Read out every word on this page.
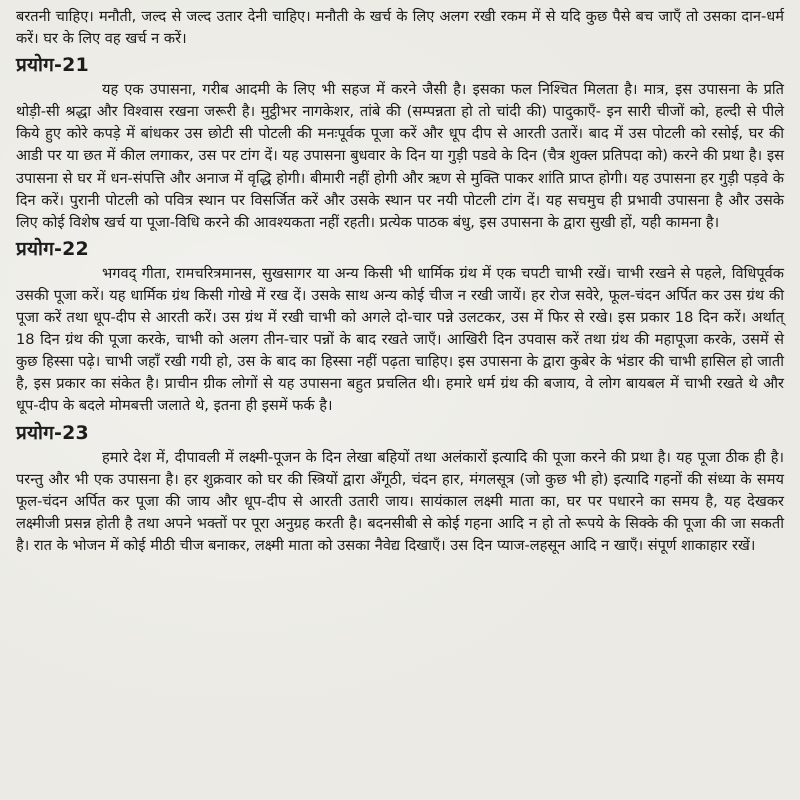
बरतनी चाहिए। मनौती, जल्द से जल्द उतार देनी चाहिए। मनौती के खर्च के लिए अलग रखी रकम में से यदि कुछ पैसे बच जाएँ तो उसका दान-धर्म करें। घर के लिए वह खर्च न करें।

प्रयोग-21

यह एक उपासना, गरीब आदमी के लिए भी सहज में करने जैसी है। इसका फल निश्चित मिलता है। मात्र, इस उपासना के प्रति थोड़ी-सी श्रद्धा और विश्वास रखना जरूरी है। मुट्ठीभर नागकेशर, तांबे की (सम्पन्नता हो तो चांदी की) पादुकाएँ- इन सारी चीजों को, हल्दी से पीले किये हुए कोरे कपड़े में बांधकर उस छोटी सी पोटली की मनःपूर्वक पूजा करें और धूप दीप से आरती उतारें। बाद में उस पोटली को रसोई, घर की आडी पर या छत में कील लगाकर, उस पर टांग दें। यह उपासना बुधवार के दिन या गुड़ी पडवे के दिन (चैत्र शुक्ल प्रतिपदा को) करने की प्रथा है। इस उपासना से घर में धन-संपत्ति और अनाज में वृद्धि होगी। बीमारी नहीं होगी और ऋण से मुक्ति पाकर शांति प्राप्त होगी। यह उपासना हर गुड़ी पड़वे के दिन करें। पुरानी पोटली को पवित्र स्थान पर विसर्जित करें और उसके स्थान पर नयी पोटली टांग दें। यह सचमुच ही प्रभावी उपासना है और उसके लिए कोई विशेष खर्च या पूजा-विधि करने की आवश्यकता नहीं रहती। प्रत्येक पाठक बंधु, इस उपासना के द्वारा सुखी हों, यही कामना है।

प्रयोग-22

भगवद् गीता, रामचरित्रमानस, सुखसागर या अन्य किसी भी धार्मिक ग्रंथ में एक चपटी चाभी रखें। चाभी रखने से पहले, विधिपूर्वक उसकी पूजा करें। यह धार्मिक ग्रंथ किसी गोखे में रख दें। उसके साथ अन्य कोई चीज न रखी जायें। हर रोज सवेरे, फूल-चंदन अर्पित कर उस ग्रंथ की पूजा करें तथा धूप-दीप से आरती करें। उस ग्रंथ में रखी चाभी को अगले दो-चार पन्ने उलटकर, उस में फिर से रखे। इस प्रकार 18 दिन करें। अर्थात् 18 दिन ग्रंथ की पूजा करके, चाभी को अलग तीन-चार पन्नों के बाद रखते जाएँ। आखिरी दिन उपवास करें तथा ग्रंथ की महापूजा करके, उसमें से कुछ हिस्सा पढ़े। चाभी जहाँ रखी गयी हो, उस के बाद का हिस्सा नहीं पढ़ता चाहिए। इस उपासना के द्वारा कुबेर के भंडार की चाभी हासिल हो जाती है, इस प्रकार का संकेत है। प्राचीन ग्रीक लोगों से यह उपासना बहुत प्रचलित थी। हमारे धर्म ग्रंथ की बजाय, वे लोग बायबल में चाभी रखते थे और धूप-दीप के बदले मोमबत्ती जलाते थे, इतना ही इसमें फर्क है।

प्रयोग-23

हमारे देश में, दीपावली में लक्ष्मी-पूजन के दिन लेखा बहियों तथा अलंकारों इत्यादि की पूजा करने की प्रथा है। यह पूजा ठीक ही है। परन्तु और भी एक उपासना है। हर शुक्रवार को घर की स्त्रियों द्वारा अँगूठी, चंदन हार, मंगलसूत्र (जो कुछ भी हो) इत्यादि गहनों की संध्या के समय फूल-चंदन अर्पित कर पूजा की जाय और धूप-दीप से आरती उतारी जाय। सायंकाल लक्ष्मी माता का, घर पर पधारने का समय है, यह देखकर लक्ष्मीजी प्रसन्न होती है तथा अपने भक्तों पर पूरा अनुग्रह करती है। बदनसीबी से कोई गहना आदि न हो तो रूपये के सिक्के की पूजा की जा सकती है। रात के भोजन में कोई मीठी चीज बनाकर, लक्ष्मी माता को उसका नैवेद्य दिखाएँ। उस दिन प्याज-लहसून आदि न खाएँ। संपूर्ण शाकाहार रखें।
